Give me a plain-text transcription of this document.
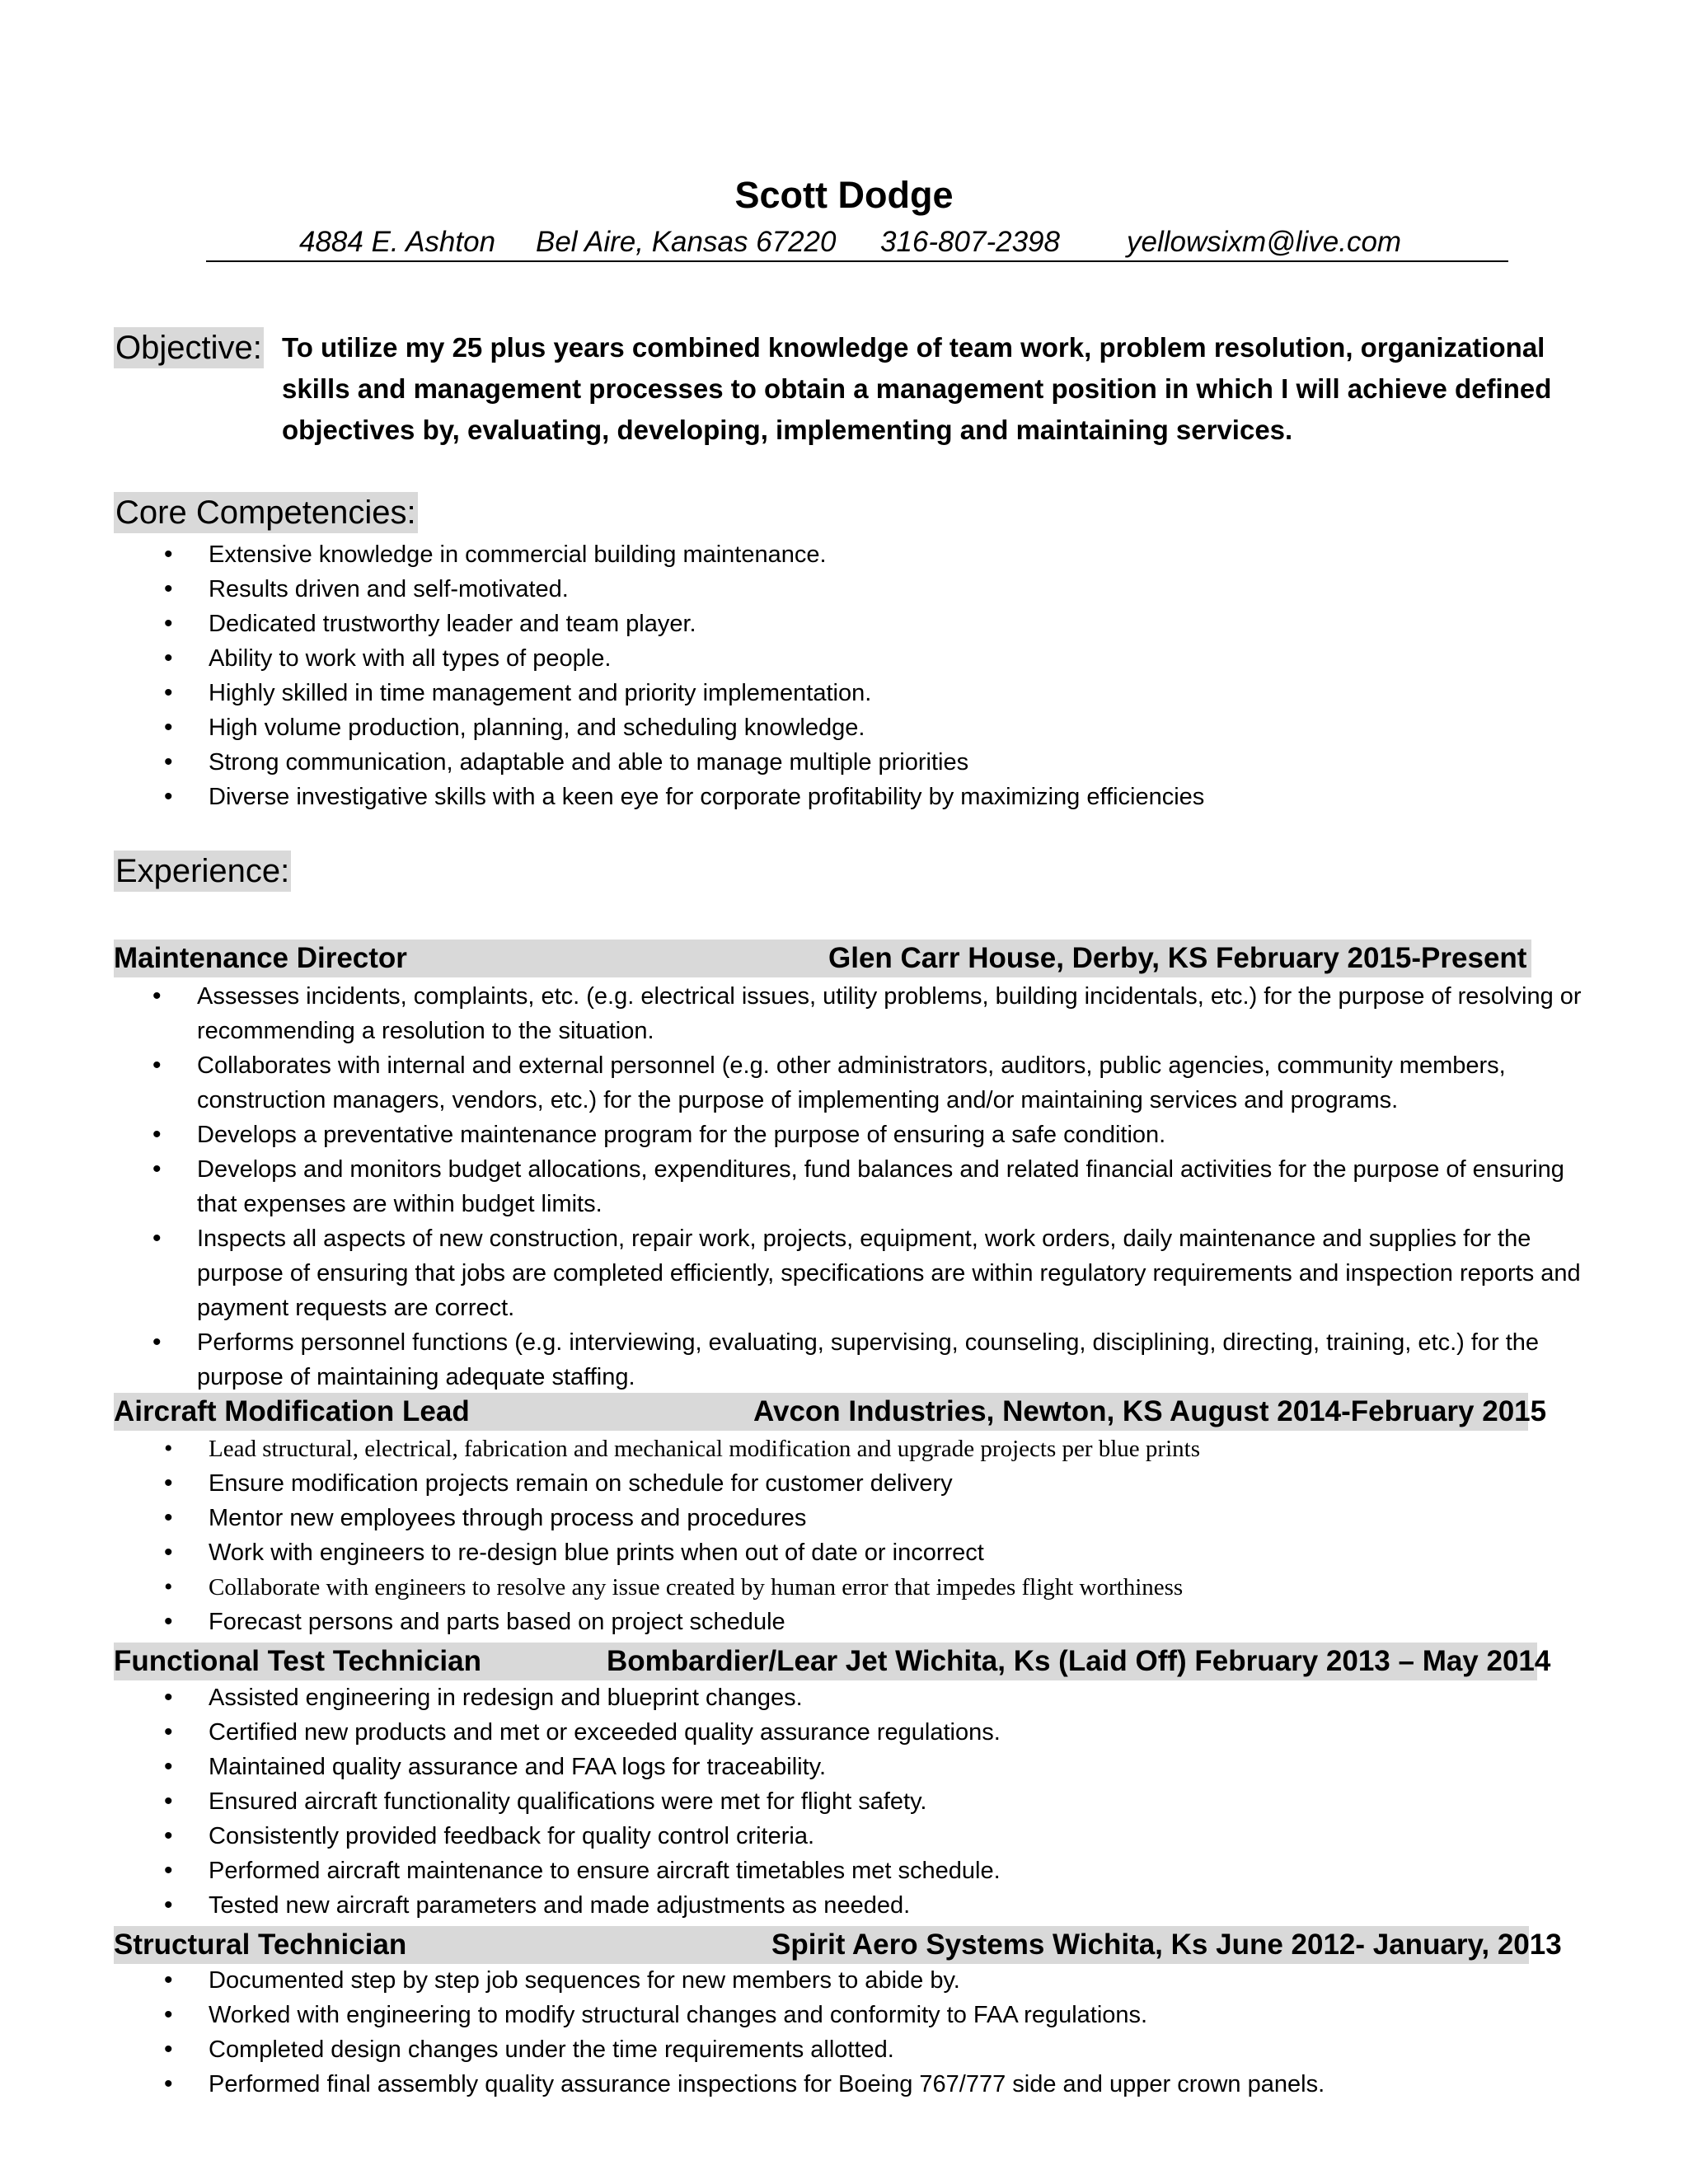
Scott Dodge
4884 E. Ashton Bel Aire, Kansas 67220 316-807-2398 yellowsixm@live.com
Objective: To utilize my 25 plus years combined knowledge of team work, problem resolution, organizational skills and management processes to obtain a management position in which I will achieve defined objectives by, evaluating, developing, implementing and maintaining services.
Core Competencies:
• Extensive knowledge in commercial building maintenance.
• Results driven and self-motivated.
• Dedicated trustworthy leader and team player.
• Ability to work with all types of people.
• Highly skilled in time management and priority implementation.
• High volume production, planning, and scheduling knowledge.
• Strong communication, adaptable and able to manage multiple priorities
• Diverse investigative skills with a keen eye for corporate profitability by maximizing efficiencies
Experience:
Maintenance Director	Glen Carr House, Derby, KS February 2015-Present
• Assesses incidents, complaints, etc. (e.g. electrical issues, utility problems, building incidentals, etc.) for the purpose of resolving or recommending a resolution to the situation.
• Collaborates with internal and external personnel (e.g. other administrators, auditors, public agencies, community members, construction managers, vendors, etc.) for the purpose of implementing and/or maintaining services and programs.
• Develops a preventative maintenance program for the purpose of ensuring a safe condition.
• Develops and monitors budget allocations, expenditures, fund balances and related financial activities for the purpose of ensuring that expenses are within budget limits.
• Inspects all aspects of new construction, repair work, projects, equipment, work orders, daily maintenance and supplies for the purpose of ensuring that jobs are completed efficiently, specifications are within regulatory requirements and inspection reports and payment requests are correct.
• Performs personnel functions (e.g. interviewing, evaluating, supervising, counseling, disciplining, directing, training, etc.) for the purpose of maintaining adequate staffing.
Aircraft Modification Lead	Avcon Industries, Newton, KS August 2014-February 2015
• Lead structural, electrical, fabrication and mechanical modification and upgrade projects per blue prints
• Ensure modification projects remain on schedule for customer delivery
• Mentor new employees through process and procedures
• Work with engineers to re-design blue prints when out of date or incorrect
• Collaborate with engineers to resolve any issue created by human error that impedes flight worthiness
• Forecast persons and parts based on project schedule
Functional Test Technician	Bombardier/Lear Jet Wichita, Ks (Laid Off) February 2013 – May 2014
• Assisted engineering in redesign and blueprint changes.
• Certified new products and met or exceeded quality assurance regulations.
• Maintained quality assurance and FAA logs for traceability.
• Ensured aircraft functionality qualifications were met for flight safety.
• Consistently provided feedback for quality control criteria.
• Performed aircraft maintenance to ensure aircraft timetables met schedule.
• Tested new aircraft parameters and made adjustments as needed.
Structural Technician	Spirit Aero Systems Wichita, Ks June 2012- January, 2013
• Documented step by step job sequences for new members to abide by.
• Worked with engineering to modify structural changes and conformity to FAA regulations.
• Completed design changes under the time requirements allotted.
• Performed final assembly quality assurance inspections for Boeing 767/777 side and upper crown panels.
